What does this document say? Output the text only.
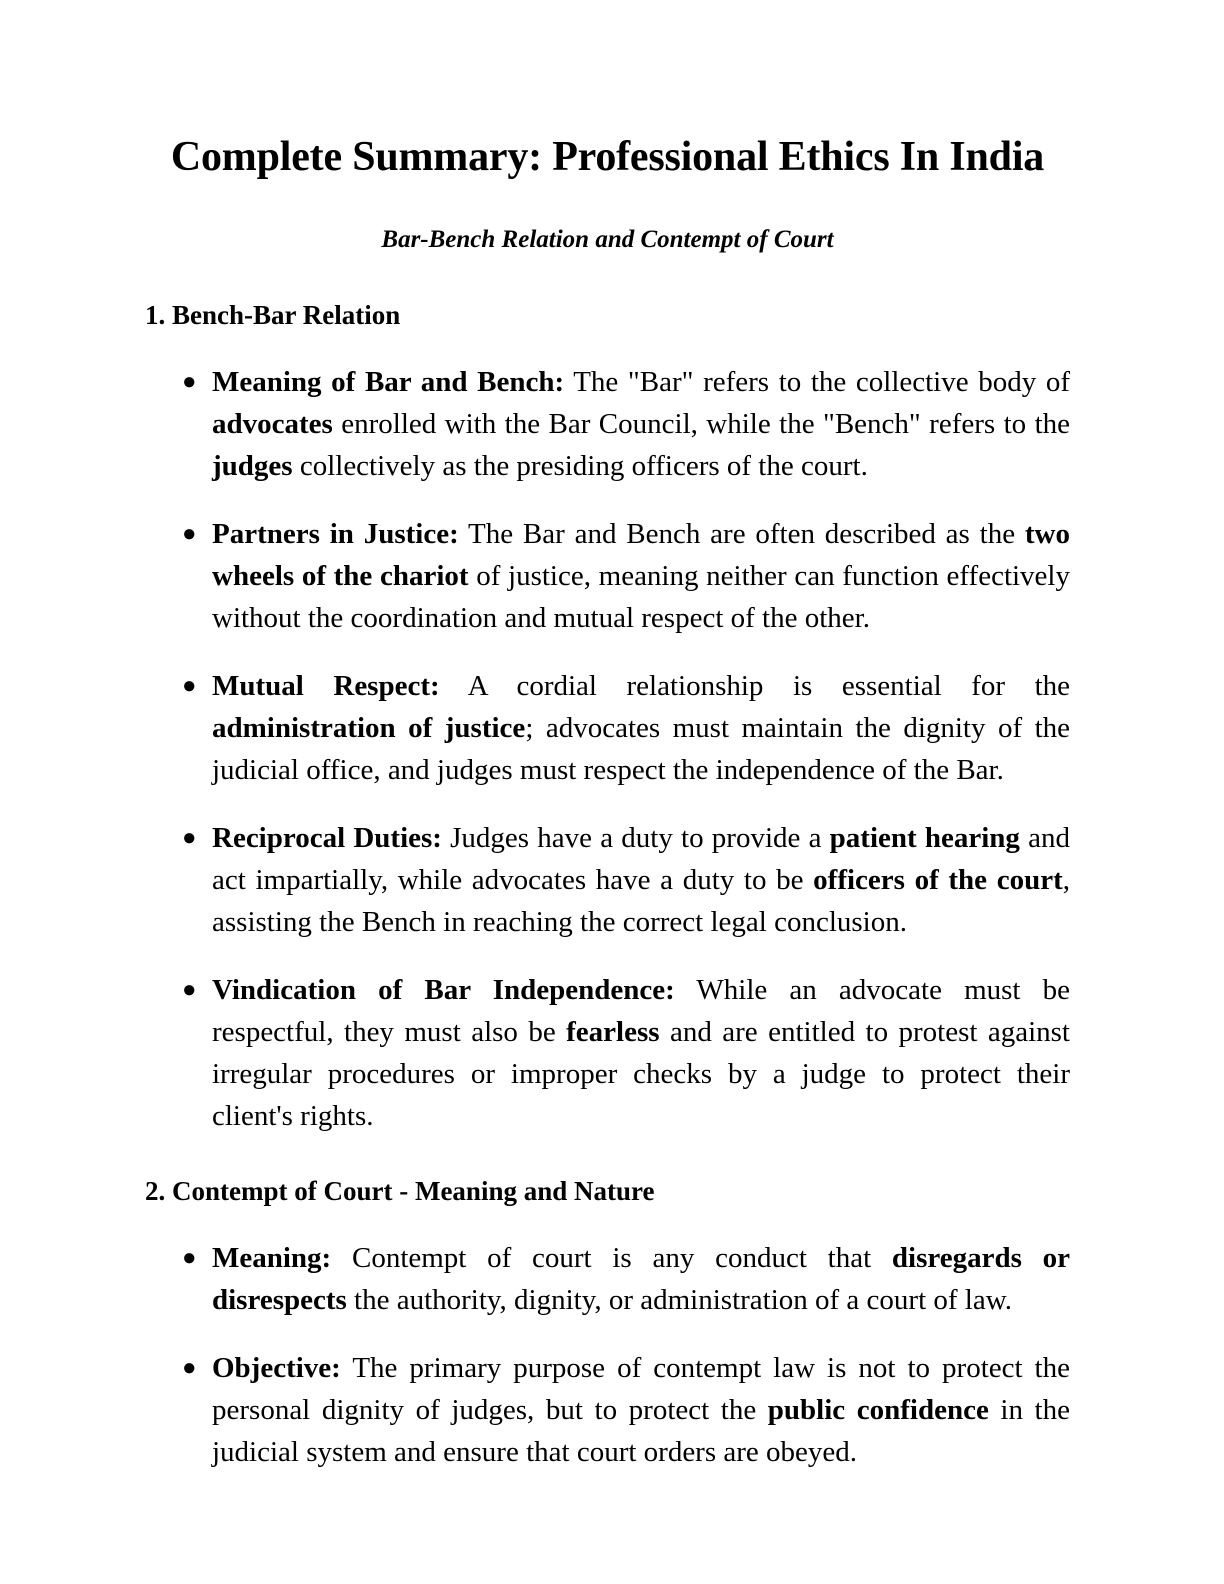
Complete Summary: Professional Ethics In India
Bar-Bench Relation and Contempt of Court
1. Bench-Bar Relation
● Meaning of Bar and Bench: The "Bar" refers to the collective body of advocates enrolled with the Bar Council, while the "Bench" refers to the judges collectively as the presiding officers of the court.
● Partners in Justice: The Bar and Bench are often described as the two wheels of the chariot of justice, meaning neither can function effectively without the coordination and mutual respect of the other.
● Mutual Respect: A cordial relationship is essential for the administration of justice; advocates must maintain the dignity of the judicial office, and judges must respect the independence of the Bar.
● Reciprocal Duties: Judges have a duty to provide a patient hearing and act impartially, while advocates have a duty to be officers of the court, assisting the Bench in reaching the correct legal conclusion.
● Vindication of Bar Independence: While an advocate must be respectful, they must also be fearless and are entitled to protest against irregular procedures or improper checks by a judge to protect their client's rights.
2. Contempt of Court - Meaning and Nature
● Meaning: Contempt of court is any conduct that disregards or disrespects the authority, dignity, or administration of a court of law.
● Objective: The primary purpose of contempt law is not to protect the personal dignity of judges, but to protect the public confidence in the judicial system and ensure that court orders are obeyed.
